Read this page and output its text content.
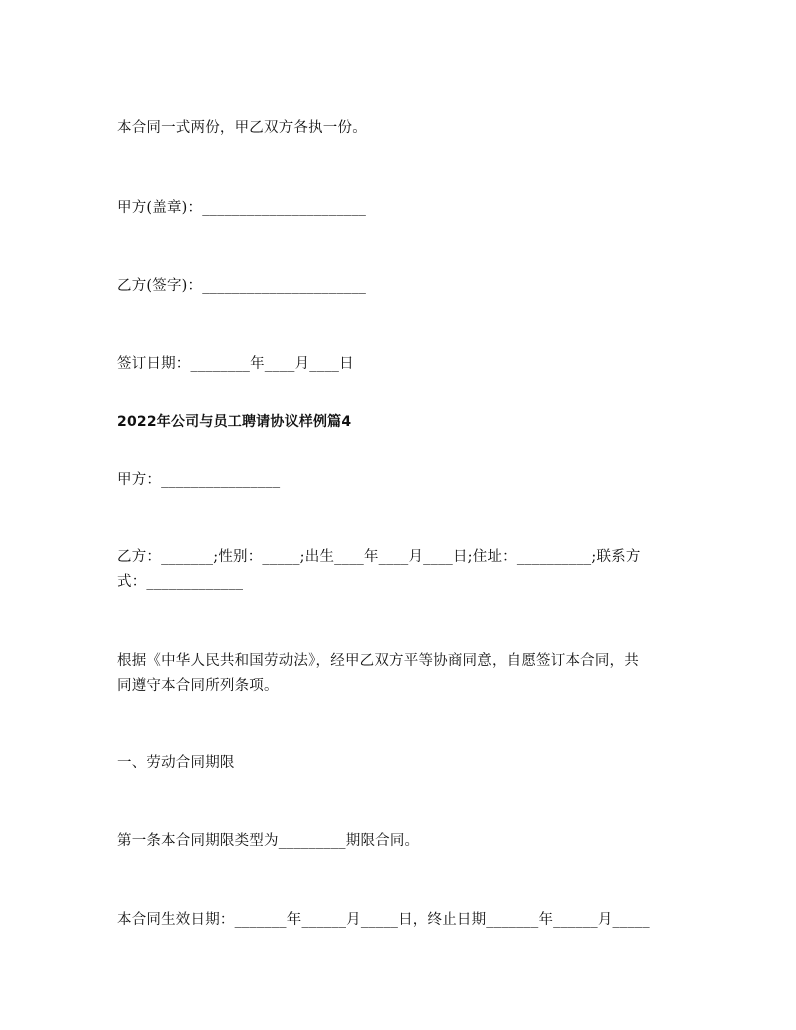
本合同一式两份，甲乙双方各执一份。
甲方(盖章)：______________________
乙方(签字)：______________________
签订日期：________年____月____日
2022年公司与员工聘请协议样例篇4
甲方：________________
乙方：_______;性别：_____;出生____年____月____日;住址：__________;联系方
式：_____________
根据《中华人民共和国劳动法》，经甲乙双方平等协商同意，自愿签订本合同，共
同遵守本合同所列条项。
一、劳动合同期限
第一条本合同期限类型为_________期限合同。
本合同生效日期：_______年______月_____日，终止日期_______年______月_____
